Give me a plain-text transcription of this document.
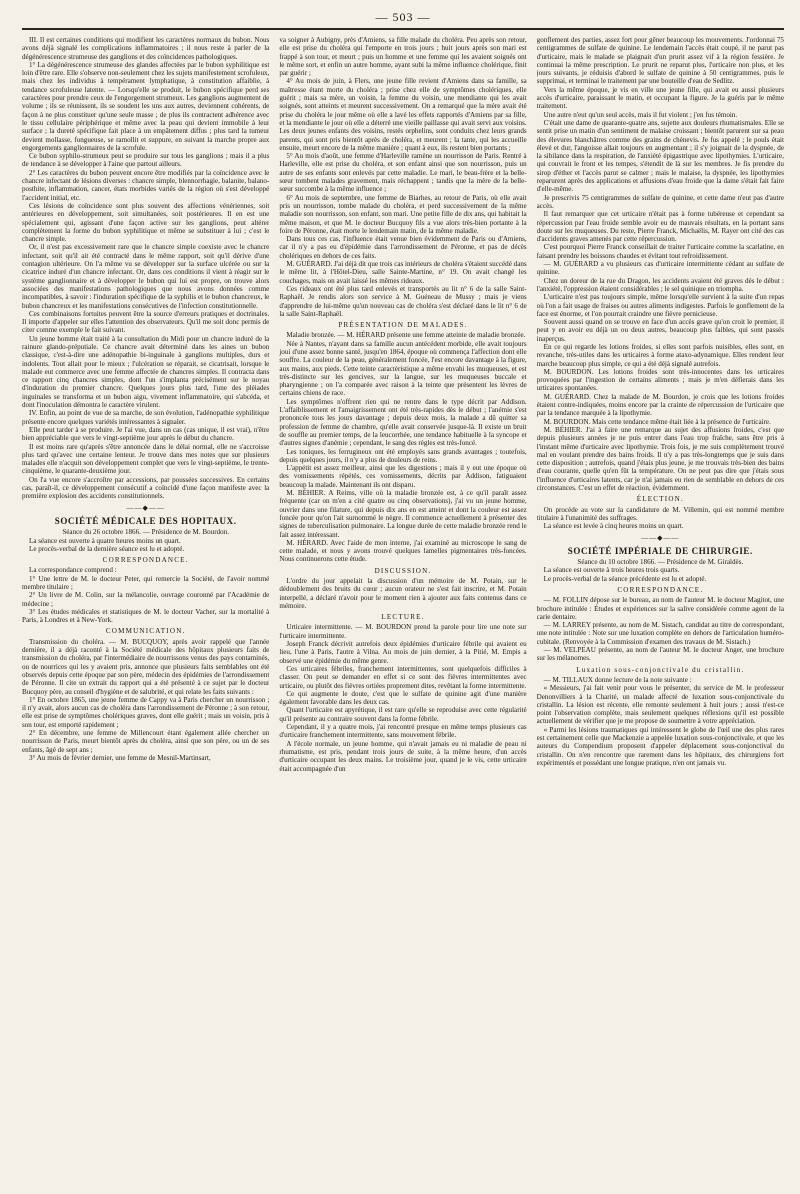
— 503 —

III. Il est certaines conditions qui modifient les caractères normaux du bubon. Nous avons déjà signalé les complications inflammatoires ; il nous reste à parler de la dégénérescence strumeuse des ganglions et des coïncidences pathologiques.

1° La dégénérescence strumeuse des glandes affectées par le bubon syphilitique est loin d'être rare. Elle s'observe non-seulement chez les sujets manifestement scrofuleux, mais chez les individus à tempérament lymphatique, à constitution affaiblie, à tendance scrofuleuse latente. — Lorsqu'elle se produit, le bubon spécifique perd ses caractères pour prendre ceux de l'engorgement strumeux. Les ganglions augmentent de volume ; ils se réunissent, ils se soudent les uns aux autres, deviennent cohérents, de façon à ne plus constituer qu'une seule masse ; de plus ils contractent adhérence avec le tissu cellulaire périphérique et même avec la peau qui devient immobile à leur surface ; la dureté spécifique fait place à un empâtement diffus ; plus tard la tumeur devient mollasse, fongueuse, se ramollit et suppure, en suivant la marche propre aux engorgements ganglionnaires de la scrofule.

Ce bubon syphilo-strumeux peut se produire sur tous les ganglions ; mais il a plus de tendance à se développer à l'aine que partout ailleurs.

2° Les caractères du bubon peuvent encore être modifiés par la coïncidence avec le chancre infectant de lésions diverses : chancre simple, blennorrhagie, balanite, balano-posthite, inflammation, cancer, états morbides variés de la région où s'est développé l'accident initial, etc.

Ces lésions de coïncidence sont plus souvent des affections vénériennes, soit antérieures en développement, soit simultanées, soit postérieures. Il en est une spécialement qui, agissant d'une façon active sur les ganglions, peut altérer complètement la forme du bubon syphilitique et même se substituer à lui ; c'est le chancre simple.

Or, il n'est pas excessivement rare que le chancre simple coexiste avec le chancre infectant, soit qu'il ait été contracté dans le même rapport, soit qu'il dérive d'une contagion ultérieure. On l'a même vu se développer sur la surface ulcérée ou sur la cicatrice induré d'un chancre infectant. Or, dans ces conditions il vient à réagir sur le système ganglionnaire et à développer le bubon qui lui est propre, on trouve alors associées des manifestations pathologiques que nous avons données comme incompatibles, à savoir : l'induration spécifique de la syphilis et le bubon chancreux, le bubon chancreux et les manifestations consécutives de l'infection constitutionnelle.

Ces combinaisons fortuites peuvent être la source d'erreurs pratiques et doctrinales. Il importe d'appeler sur elles l'attention des observateurs. Qu'il me soit donc permis de citer comme exemple le fait suivant.

Un jeune homme était traité à la consultation du Midi pour un chancre induré de la rainure glando-préputiale. Ce chancre avait déterminé dans les aines un bubon classique, c'est-à-dire une adénopathie bi-inguinale à ganglions multiples, durs et indolents. Tout allait pour le mieux ; l'ulcération se réparait, se cicatrisait, lorsque le malade eut commerce avec une femme affectée de chancres simples. Il contracta dans ce rapport cinq chancres simples, dont l'un s'implanta précisément sur le noyau d'induration du premier chancre. Quelques jours plus tard, l'une des pléiades inguinales se transforma et un bubon aigu, vivement inflammatoire, qui s'abcéda, et dont l'inoculation démontra le caractère virulent.

IV. Enfin, au point de vue de sa marche, de son évolution, l'adénopathie syphilitique présente encore quelques variétés intéressantes à signaler.

Elle peut tarder à se produire. Je l'ai vue, dans un cas (cas unique, il est vrai), n'être bien appréciable que vers le vingt-septième jour après le début du chancre.

Il est moins rare qu'après s'être annoncée dans le délai normal, elle ne s'accroisse plus tard qu'avec une certaine lenteur. Je trouve dans mes notes que sur plusieurs malades elle n'acquit son développement complet que vers le vingt-septième, le trente-cinquième, le quarante-deuxième jour.

On l'a vue encore s'accroître par accessions, par poussées successives. En certains cas, paraît-il, ce développement consécutif a coïncidé d'une façon manifeste avec la première explosion des accidents constitutionnels.

——◆——
SOCIÉTÉ MÉDICALE DES HOPITAUX.

Séance du 26 octobre 1866. — Présidence de M. Bourdon.

La séance est ouverte à quatre heures moins un quart.

Le procès-verbal de la dernière séance est lu et adopté.

CORRESPONDANCE.

La correspondance comprend :

1° Une lettre de M. le docteur Peter, qui remercie la Société, de l'avoir nommé membre titulaire ;

2° Un livre de M. Colin, sur la mélancolie, ouvrage couronné par l'Académie de médecine ;

3° Les études médicales et statistiques de M. le docteur Vacher, sur la mortalité à Paris, à Londres et à New-York.

COMMUNICATION.

Transmission du choléra. — M. BUCQUOY, après avoir rappelé que l'année dernière, il a déjà raconté à la Société médicale des hôpitaux plusieurs faits de transmission du choléra, par l'intermédiaire de nourrissons venus des pays contaminés, ou de nourrices qui les y avaient pris, annonce que plusieurs faits semblables ont été observés depuis cette époque par son père, médecin des épidémies de l'arrondissement de Péronne. Il cite un extrait du rapport qui a été présenté à ce sujet par le docteur Bucquoy père, au conseil d'hygiène et de salubrité, et qui relate les faits suivants :

1° En octobre 1865, une jeune femme de Cappy va à Paris chercher un nourrisson ; il n'y avait, alors aucun cas de choléra dans l'arrondissement de Péronne ; à son retour, elle est prise de symptômes cholériques graves, dont elle guérit ; mais un voisin, pris à son tour, est emporté rapidement ;

2° En décembre, une femme de Millencourt étant également allée chercher un nourrisson de Paris, meurt bientôt après du choléra, ainsi que son père, ou un de ses enfants, âgé de sept ans ;

3° Au mois de février dernier, une femme de Mesnil-Martinsart,

va soigner à Aubigny, près d'Amiens, sa fille malade du choléra. Peu après son retour, elle est prise du choléra qui l'emporte en trois jours ; huit jours après son mari est frappé à son tour, et meurt ; puis un homme et une femme qui les avaient soignés ont le même sort, et enfin un autre homme, ayant subi la même influence cholérique, finit par guérir ;

4° Au mois de juin, à Flers, une jeune fille revient d'Amiens dans sa famille, sa maîtresse étant morte du choléra ; prise chez elle de symptômes cholériques, elle guérit ; mais sa mère, un voisin, la femme du voisin, une mendiante qui les avait soignés, sont atteints et meurent successivement. On a remarqué que la mère avait été prise du choléra le jour même où elle a lavé les effets rapportés d'Amiens par sa fille, et la mendiante le jour où elle a déterré une vieille paillasse qui avait servi aux voisins. Les deux jeunes enfants des voisins, restés orphelins, sont conduits chez leurs grands parents, qui sont pris bientôt après de choléra, et meurent ; la tante, qui les accueille ensuite, meurt encore de la même manière ; quant à eux, ils restent bien portants ;

5° Au mois d'août, une femme d'Harleville ramène un nourrisson de Paris. Rentré à Harleville, elle est prise du choléra, et son enfant ainsi que son nourrisson, puis un autre de ses enfants sont enlevés par cette maladie. Le mari, le beau-frère et la belle-sœur tombent malades gravement, mais réchappent ; tandis que la mère de la belle-sœur succombe à la même influence ;

6° Au mois de septembre, une femme de Biarhes, au retour de Paris, où elle avait pris un nourrisson, tombe malade du choléra, et perd successivement de la même maladie son nourrisson, son enfant, son mari. Une petite fille de dix ans, qui habitait la même maison, et que M. le docteur Bucquoy fils a vue alors très-bien portante à la foire de Péronne, était morte le lendemain matin, de la même maladie.

Dans tous ces cas, l'influence était venue bien évidemment de Paris ou d'Amiens, car il n'y a pas eu d'épidémie dans l'arrondissement de Péronne, et pas de décès cholériques en dehors de ces faits.

M. GUÉRARD. J'ai déjà dit que trois cas intérieurs de choléra s'étaient succédé dans le même lit, à l'Hôtel-Dieu, salle Sainte-Martine, n° 19. On avait changé les couchages, mais on avait laissé les mêmes rideaux.

Ces rideaux ont été plus tard enlevés et transportés au lit n° 6 de la salle Saint-Raphaël. Je rendis alors son service à M. Guéneau de Mussy ; mais je viens d'apprendre de lui-même qu'un nouveau cas de choléra s'est déclaré dans le lit n° 6 de la salle Saint-Raphaël.

PRÉSENTATION DE MALADES.

Maladie bronzée. — M. HÉRARD présente une femme atteinte de maladie bronzée.

Née à Nantes, n'ayant dans sa famille aucun antécédent morbide, elle avait toujours joui d'une assez bonne santé, jusqu'en 1864, époque où commença l'affection dont elle souffre. La couleur de la peau, généralement foncée, l'est encore davantage à la figure, aux mains, aux pieds. Cette teinte caractéristique a même envahi les muqueuses, et est très-distincte sur les gencives, sur la langue, sur les muqueuses buccale et pharyngienne ; on l'a comparée avec raison à la teinte que présentent les lèvres de certains chiens de race.

Les symptômes n'offrent rien qui ne rentre dans le type décrit par Addison. L'affaiblissement et l'amaigrissement ont été très-rapides dès le début ; l'anémie s'est prononcée tous les jours davantage ; depuis deux mois, la malade a dû quitter sa profession de femme de chambre, qu'elle avait conservée jusque-là. Il existe un bruit de souffle au premier temps, de la leucorrhée, une tendance habituelle à la syncope et d'autres signes d'anémie ; cependant, le sang des règles est très-foncé.

Les toniques, les ferrugineux ont été employés sans grands avantages ; toutefois, depuis quelques jours, il n'y a plus de douleurs de reins.

L'appétit est assez meilleur, ainsi que les digestions ; mais il y eut une époque où des vomissements répétés, ces vomissements, décrits par Addison, fatiguaient beaucoup la malade. Maintenant ils ont disparu.

M. BÉHIER. A Reims, ville où la maladie bronzée est, à ce qu'il paraît assez fréquente (car on m'en a cité quatre ou cinq observations), j'ai vu un jeune homme, ouvrier dans une filature, qui depuis dix ans en est atteint et dont la couleur est assez foncée pour qu'on l'ait surnommé le nègre. Il commence actuellement à présenter des signes de tuberculisation pulmonaire. La longue durée de cette maladie bronzée rend le fait assez intéressant.

M. HÉRARD. Avec l'aide de mon interne, j'ai examiné au microscope le sang de cette malade, et nous y avons trouvé quelques lamelles pigmentaires très-foncées. Nous continuerons cette étude.

DISCUSSION.

L'ordre du jour appelait la discussion d'un mémoire de M. Potain, sur le dédoublement des bruits du cœur ; aucun orateur ne s'est fait inscrire, et M. Potain interpellé, a déclaré n'avoir pour le moment rien à ajouter aux faits contenus dans ce mémoire.

LECTURE.

Urticaire intermittente. — M. BOURDON prend la parole pour lire une note sur l'urticaire intermittente.

Joseph Franck décrivit autrefois deux épidémies d'urticaire fébrile qui avaient eu lieu, l'une à Paris, l'autre à Vilna. Au mois de juin dernier, à la Pitié, M. Empis a observé une épidémie du même genre.

Ces urticaires fébriles, franchement intermittentes, sont quelquefois difficiles à classer. On peut se demander en effet si ce sont des fièvres intermittentes avec urticaire, ou plutôt des fièvres ortiées proprement dites, revêtant la forme intermittente.

Ce qui augmente le doute, c'est que le sulfate de quinine agit d'une manière également favorable dans les deux cas.

Quant l'urticaire est apyrétique, il est rare qu'elle se reproduise avec cette régularité qu'il présente au contraire souvent dans la forme fébrile.

Cependant, il y a quatre mois, j'ai rencontré presque en même temps plusieurs cas d'urticaire franchement intermittente, sans mouvement fébrile.

A l'école normale, un jeune homme, qui n'avait jamais eu ni maladie de peau ni rhumatisme, est pris, pendant trois jours de suite, à la même heure, d'un accès d'urticaire occupant les deux mains. Le troisième jour, quand je le vis, cette urticaire était accompagnée d'un

gonflement des parties, assez fort pour gêner beaucoup les mouvements. J'ordonnai 75 centigrammes de sulfate de quinine. Le lendemain l'accès était coupé, il ne parut pas d'urticaire, mais le malade se plaignait d'un prurit assez vif à la région fessière. Je continuai la même prescription. Le prurit ne reparut plus, l'urticaire non plus, et les jours suivants, je réduisis d'abord le sulfate de quinine à 50 centigrammes, puis le supprimai, et terminai le traitement par une bouteille d'eau de Sedlitz.

Vers la même époque, je vis en ville une jeune fille, qui avait eu aussi plusieurs accès d'urticaire, paraissant le matin, et occupant la figure. Je la guéris par le même traitement.

Une autre n'eut qu'un seul accès, mais il fut violent ; j'en fus témoin.

C'était une dame de quarante-quatre ans, sujette aux douleurs rhumatismales. Elle se sentit prise un matin d'un sentiment de malaise croissant ; bientôt parurent sur sa peau des élevures blanchâtres comme des grains de chènevis. Je fus appelé ; le pouls était élevé et dur, l'angoisse allait toujours en augmentant ; il s'y joignait de la dyspnée, de la sibilance dans la respiration, de l'anxiété épigastrique avec lipothymies. L'urticaire, qui couvrait le front et les tempes, s'étendit de là sur les membres. Je fis prendre du sirop d'éther et l'accès parut se calmer ; mais le malaise, la dyspnée, les lipothymies reparurent après des applications et affusions d'eau froide que la dame s'était fait faire d'elle-même.

Je prescrivis 75 centigrammes de sulfate de quinine, et cette dame n'eut pas d'autre accès.

Il faut remarquer que cet urticaire n'était pas à forme tubéreuse et cependant sa répercussion par l'eau froide semble avoir eu de mauvais résultats, en la portant sans doute sur les muqueuses. Du reste, Pierre Franck, Michaëlis, M. Rayer ont cité des cas d'accidents graves amenés par cette répercussion.

C'est pourquoi Pierre Franck conseillait de traiter l'urticaire comme la scarlatine, en faisant prendre les boissons chaudes et évitant tout refroidissement.

— M. GUÉRARD a vu plusieurs cas d'urticaire intermittente cédant au sulfate de quinine.

Chez un doreur de la rue du Dragon, les accidents avaient été graves dès le début : l'anxiété, l'oppression étaient considérables ; le sel quinique en triompha.

L'urticaire n'est pas toujours simple, même lorsqu'elle survient à la suite d'un repas où l'on a fait usage de fraises ou autres aliments indigestes. Parfois le gonflement de la face est énorme, et l'on pourrait craindre une fièvre pernicieuse.

Souvent aussi quand on se trouve en face d'un accès grave qu'on croit le premier, il peut y en avoir eu déjà un ou deux autres, beaucoup plus faibles, qui sont passés inaperçus.

En ce qui regarde les lotions froides, si elles sont parfois nuisibles, elles sont, en revanche, très-utiles dans les urticaires à forme ataxo-adynamique. Elles rendent leur marche beaucoup plus simple, ce qui a été déjà signalé autrefois.

M. BOURDON. Les lotions froides sont très-innocentes dans les urticaires provoquées par l'ingestion de certains aliments ; mais je m'en défierais dans les urticaires spontanées.

M. GUÉRARD. Chez la malade de M. Bourdon, je crois que les lotions froides étaient contre-indiquées, moins encore par la crainte de répercussion de l'urticaire que par la tendance marquée à la lipothymie.

M. BOURDON. Mais cette tendance même était liée à la présence de l'urticaire.

M. BÉHIER. J'ai à faire une remarque au sujet des affusions froides, c'est que depuis plusieurs années je ne puis entrer dans l'eau trop fraîche, sans être pris à l'instant même d'urticaire avec lipothymie. Trois fois, je me suis complètement trouvé mal en voulant prendre des bains froids. Il n'y a pas très-longtemps que je suis dans cette disposition ; autrefois, quand j'étais plus jeune, je me trouvais très-bien des bains d'eau courante, quelle qu'en fût la température. On ne peut pas dire que j'étais sous l'influence d'urticaires latents, car je n'ai jamais eu rien de semblable en dehors de ces circonstances. C'est un effet de réaction, évidemment.

ÉLECTION.

On procède au vote sur la candidature de M. Villemin, qui est nommé membre titulaire à l'unanimité des suffrages.

La séance est levée à cinq heures moins un quart.

——◆——
SOCIÉTÉ IMPÉRIALE DE CHIRURGIE.

Séance du 10 octobre 1866. — Présidence de M. Giraldès.

La séance est ouverte à trois heures trois quarts.

Le procès-verbal de la séance précédente est lu et adopté.

CORRESPONDANCE.

— M. FOLLIN dépose sur le bureau, au nom de l'auteur M. le docteur Magitot, une brochure intitulée : Études et expériences sur la salive considérée comme agent de la carie dentaire.

— M. LARREY présente, au nom de M. Sistach, candidat au titre de correspondant, une note intitulée : Note sur une luxation complète en dehors de l'articulation huméro-cubitale. (Renvoyée à la Commission d'examen des travaux de M. Sistach.)

— M. VELPEAU présente, au nom de l'auteur M. le docteur Anger, une brochure sur les mélanomes.

Luxation sous-conjonctivale du cristallin.

— M. TILLAUX donne lecture de la note suivante :

« Messieurs, j'ai fait venir pour vous le présenter, du service de M. le professeur Denonvilliers à la Charité, un malade affecté de luxation sous-conjonctivale du cristallin. La lésion est récente, elle remonte seulement à huit jours ; aussi n'est-ce point l'observation complète, mais seulement quelques réflexions qu'il est possible actuellement de vérifier que je me propose de soumettre à votre appréciation.

« Parmi les lésions traumatiques qui intéressent le globe de l'œil une des plus rares est certainement celle que Mackenzie a appelée luxation sous-conjonctivale, et que les auteurs du Compendium proposent d'appeler déplacement sous-conjonctival du cristallin. On n'en rencontre que rarement dans les hôpitaux, des chirurgiens fort expérimentés et possédant une longue pratique, n'en ont jamais vu.
